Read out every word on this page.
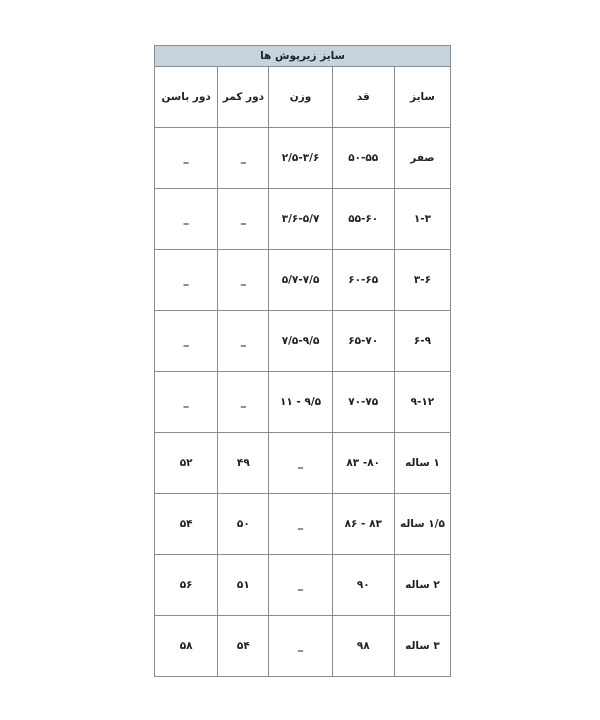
سایز زیرپوش ها				
سایز	قد	وزن	دور کمر	دور باسن
صفر	۵۰-۵۵	۲/۵-۳/۶	_	_
۱-۳	۵۵-۶۰	۳/۶-۵/۷	_	_
۳-۶	۶۰-۶۵	۵/۷-۷/۵	_	_
۶-۹	۶۵-۷۰	۷/۵-۹/۵	_	_
۹-۱۲	۷۰-۷۵	۹/۵ - ۱۱	_	_
۱ ساله	۸۰- ۸۳	_	۴۹	۵۲
۱/۵ ساله	۸۳ - ۸۶	_	۵۰	۵۴
۲ ساله	۹۰	_	۵۱	۵۶
۳ ساله	۹۸	_	۵۴	۵۸
